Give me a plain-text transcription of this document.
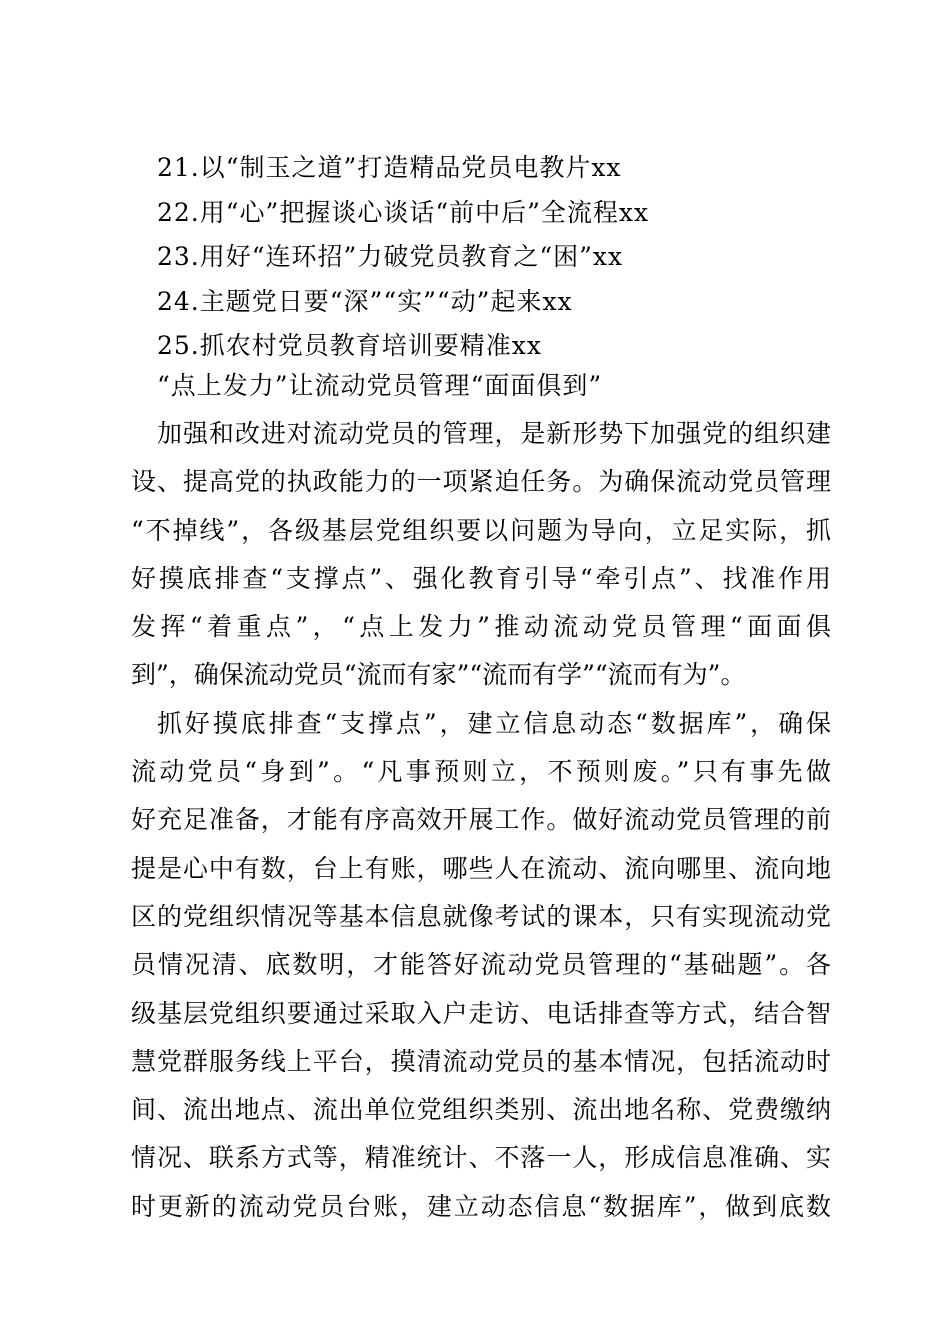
21.以“制玉之道”打造精品党员电教片xx
22.用“心”把握谈心谈话“前中后”全流程xx
23.用好“连环招”力破党员教育之“困”xx
24.主题党日要“深”“实”“动”起来xx
25.抓农村党员教育培训要精准xx
“点上发力”让流动党员管理“面面俱到”
加强和改进对流动党员的管理，是新形势下加强党的组织建
设、提高党的执政能力的一项紧迫任务。为确保流动党员管理
“不掉线”，各级基层党组织要以问题为导向，立足实际，抓
好摸底排查“支撑点”、强化教育引导“牵引点”、找准作用
发挥“着重点”，“点上发力”推动流动党员管理“面面俱
到”，确保流动党员“流而有家”“流而有学”“流而有为”。
抓好摸底排查“支撑点”，建立信息动态“数据库”，确保
流动党员“身到”。“凡事预则立，不预则废。”只有事先做
好充足准备，才能有序高效开展工作。做好流动党员管理的前
提是心中有数，台上有账，哪些人在流动、流向哪里、流向地
区的党组织情况等基本信息就像考试的课本，只有实现流动党
员情况清、底数明，才能答好流动党员管理的“基础题”。各
级基层党组织要通过采取入户走访、电话排查等方式，结合智
慧党群服务线上平台，摸清流动党员的基本情况，包括流动时
间、流出地点、流出单位党组织类别、流出地名称、党费缴纳
情况、联系方式等，精准统计、不落一人，形成信息准确、实
时更新的流动党员台账，建立动态信息“数据库”，做到底数
